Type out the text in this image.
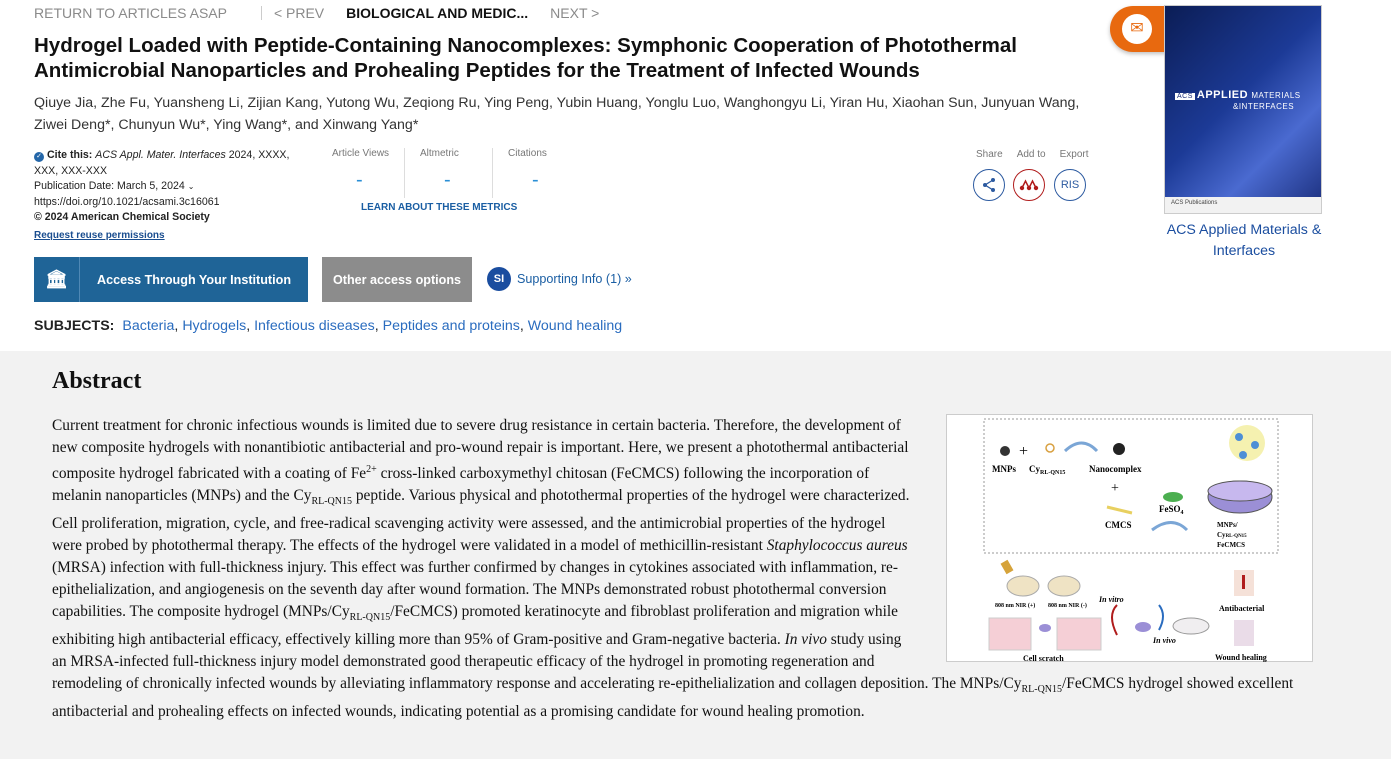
RETURN TO ARTICLES ASAP	< PREV BIOLOGICAL AND MEDIC... NEXT >
Hydrogel Loaded with Peptide-Containing Nanocomplexes: Symphonic Cooperation of Photothermal Antimicrobial Nanoparticles and Prohealing Peptides for the Treatment of Infected Wounds
Qiuye Jia, Zhe Fu, Yuansheng Li, Zijian Kang, Yutong Wu, Zeqiong Ru, Ying Peng, Yubin Huang, Yonglu Luo, Wanghongyu Li, Yiran Hu, Xiaohan Sun, Junyuan Wang, Ziwei Deng*, Chunyun Wu*, Ying Wang*, and Xinwang Yang*
✓ Cite this: ACS Appl. Mater. Interfaces 2024, XXXX, XXX, XXX-XXX
Publication Date: March 5, 2024 ⌄
https://doi.org/10.1021/acsami.3c16061
© 2024 American Chemical Society
Request reuse permissions
Article Views
-
Altmetric
-
Citations
-
LEARN ABOUT THESE METRICS
Share Add to Export
RIS
✉
ACS APPLIED MATERIALS
&INTERFACES
ACS Publications
ACS Applied Materials & Interfaces
🏛	Access Through Your Institution	Other access options	SI	Supporting Info (1) »
SUBJECTS: Bacteria, Hydrogels, Infectious diseases, Peptides and proteins, Wound healing
Abstract
Current treatment for chronic infectious wounds is limited due to severe drug resistance in certain bacteria. Therefore, the development of new composite hydrogels with nonantibiotic antibacterial and pro-wound repair is important. Here, we present a photothermal antibacterial composite hydrogel fabricated with a coating of $Fe^{2+}$ cross-linked carboxymethyl chitosan (FeCMCS) following the incorporation of melanin nanoparticles (MNPs) and the $Cy_{RL-QN15}$ peptide. Various physical and photothermal properties of the hydrogel were characterized. Cell proliferation, migration, cycle, and free-radical scavenging activity were assessed, and the antimicrobial properties of the hydrogel were probed by photothermal therapy. The effects of the hydrogel were validated in a model of methicillin-resistant Staphylococcus aureus (MRSA) infection with full-thickness injury. This effect was further confirmed by changes in cytokines associated with inflammation, re-epithelialization, and angiogenesis on the seventh day after wound formation. The MNPs demonstrated robust photothermal conversion capabilities. The composite hydrogel $(MNPs/Cy_{RL-QN15}/FeCMCS)$ promoted keratinocyte and fibroblast proliferation and migration while exhibiting high antibacterial efficacy, effectively killing more than 95% of Gram-positive and Gram-negative bacteria. In vivo study using an MRSA-infected full-thickness injury model demonstrated good therapeutic efficacy of the hydrogel in promoting regeneration and remodeling of chronically infected wounds by alleviating inflammatory response and accelerating re-epithelialization and collagen deposition. The MNPs/$Cy_{RL-QN15}$/FeCMCS hydrogel showed excellent antibacterial and prohealing effects on infected wounds, indicating potential as a promising candidate for wound healing promotion.
+
MNPs $Cy_{RL-QN15}$	Nanocomplex
+
CMCS
FeSO$_4$
MNPs/
CyRL-QN15
FeCMCS
808 nm NIR (+) 808 nm NIR (-)
In vitro
In vivo
Antibacterial
Cell scratch	Wound healing
